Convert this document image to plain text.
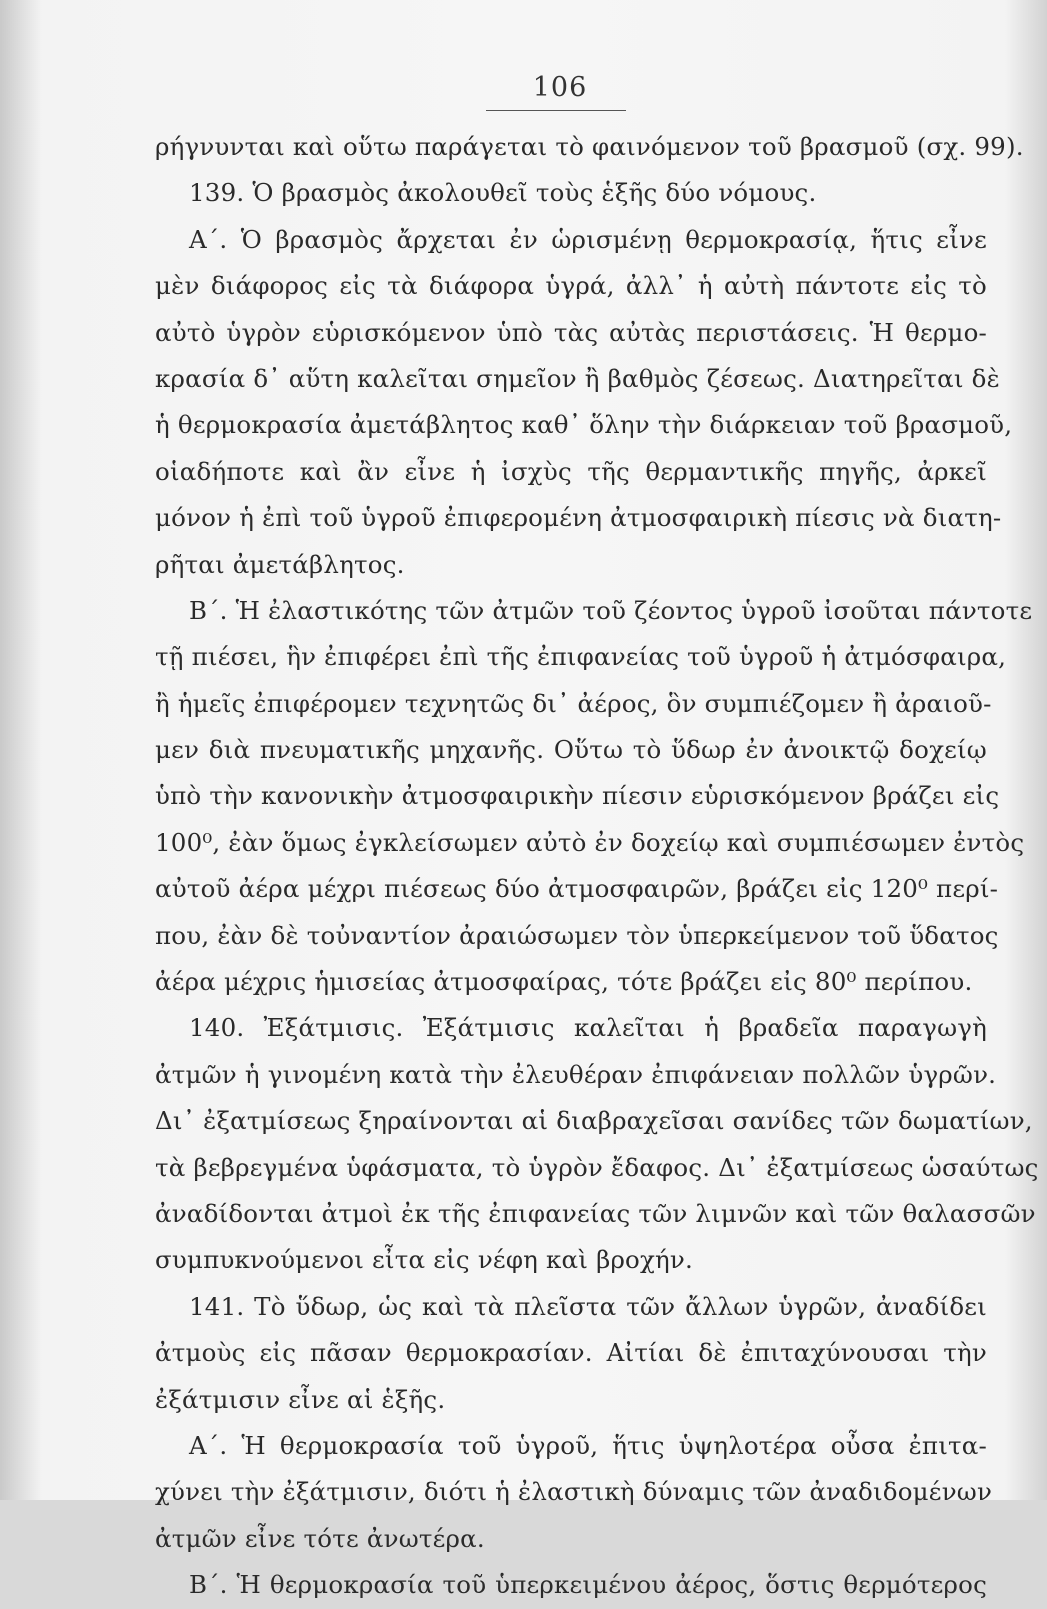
106
ρήγνυνται καὶ οὕτω παράγεται τὸ φαινόμενον τοῦ βρασμοῦ (σχ. 99).
139. Ὁ βρασμὸς ἀκολουθεῖ τοὺς ἑξῆς δύο νόμους.
Α΄. Ὁ βρασμὸς ἄρχεται ἐν ὡρισμένῃ θερμοκρασίᾳ, ἥτις εἶνε
μὲν διάφορος εἰς τὰ διάφορα ὑγρά, ἀλλ᾽ ἡ αὐτὴ πάντοτε εἰς τὸ
αὐτὸ ὑγρὸν εὑρισκόμενον ὑπὸ τὰς αὐτὰς περιστάσεις. Ἡ θερμο-
κρασία δ᾽ αὕτη καλεῖται σημεῖον ἢ βαθμὸς ζέσεως. Διατηρεῖται δὲ
ἡ θερμοκρασία ἀμετάβλητος καθ᾽ ὅλην τὴν διάρκειαν τοῦ βρασμοῦ,
οἱαδήποτε καὶ ἂν εἶνε ἡ ἰσχὺς τῆς θερμαντικῆς πηγῆς, ἀρκεῖ
μόνον ἡ ἐπὶ τοῦ ὑγροῦ ἐπιφερομένη ἀτμοσφαιρικὴ πίεσις νὰ διατη-
ρῆται ἀμετάβλητος.
Β΄. Ἡ ἐλαστικότης τῶν ἀτμῶν τοῦ ζέοντος ὑγροῦ ἰσοῦται πάντοτε
τῇ πιέσει, ἣν ἐπιφέρει ἐπὶ τῆς ἐπιφανείας τοῦ ὑγροῦ ἡ ἀτμόσφαιρα,
ἢ ἡμεῖς ἐπιφέρομεν τεχνητῶς δι᾽ ἀέρος, ὃν συμπιέζομεν ἢ ἀραιοῦ-
μεν διὰ πνευματικῆς μηχανῆς. Οὕτω τὸ ὕδωρ ἐν ἀνοικτῷ δοχείῳ
ὑπὸ τὴν κανονικὴν ἀτμοσφαιρικὴν πίεσιν εὑρισκόμενον βράζει εἰς
100⁰, ἐὰν ὅμως ἐγκλείσωμεν αὐτὸ ἐν δοχείῳ καὶ συμπιέσωμεν ἐντὸς
αὐτοῦ ἀέρα μέχρι πιέσεως δύο ἀτμοσφαιρῶν, βράζει εἰς 120⁰ περί-
που, ἐὰν δὲ τοὐναντίον ἀραιώσωμεν τὸν ὑπερκείμενον τοῦ ὕδατος
ἀέρα μέχρις ἡμισείας ἀτμοσφαίρας, τότε βράζει εἰς 80⁰ περίπου.
140. Ἐξάτμισις. Ἐξάτμισις καλεῖται ἡ βραδεῖα παραγωγὴ
ἀτμῶν ἡ γινομένη κατὰ τὴν ἐλευθέραν ἐπιφάνειαν πολλῶν ὑγρῶν.
Δι᾽ ἐξατμίσεως ξηραίνονται αἱ διαβραχεῖσαι σανίδες τῶν δωματίων,
τὰ βεβρεγμένα ὑφάσματα, τὸ ὑγρὸν ἔδαφος. Δι᾽ ἐξατμίσεως ὡσαύτως
ἀναδίδονται ἀτμοὶ ἐκ τῆς ἐπιφανείας τῶν λιμνῶν καὶ τῶν θαλασσῶν
συμπυκνούμενοι εἶτα εἰς νέφη καὶ βροχήν.
141. Τὸ ὕδωρ, ὡς καὶ τὰ πλεῖστα τῶν ἄλλων ὑγρῶν, ἀναδίδει
ἀτμοὺς εἰς πᾶσαν θερμοκρασίαν. Αἰτίαι δὲ ἐπιταχύνουσαι τὴν
ἐξάτμισιν εἶνε αἱ ἑξῆς.
Α΄. Ἡ θερμοκρασία τοῦ ὑγροῦ, ἥτις ὑψηλοτέρα οὖσα ἐπιτα-
χύνει τὴν ἐξάτμισιν, διότι ἡ ἐλαστικὴ δύναμις τῶν ἀναδιδομένων
ἀτμῶν εἶνε τότε ἀνωτέρα.
Β΄. Ἡ θερμοκρασία τοῦ ὑπερκειμένου ἀέρος, ὅστις θερμότερος
